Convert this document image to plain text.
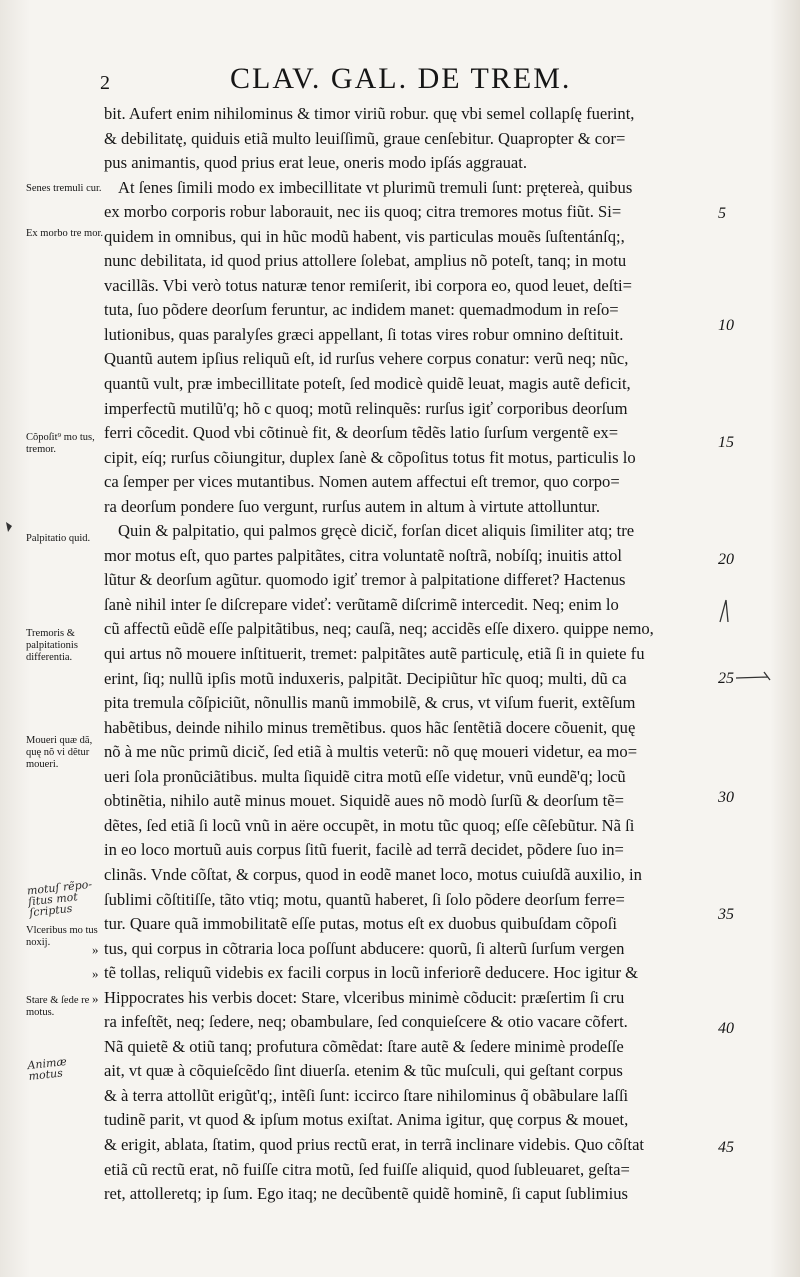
2	CLAV. GAL. DE TREM.
bit. Aufert enim nihilominus & timor viriũ robur. quę vbi semel collapſę fuerint,
& debilitatę, quiduis etiã multo leuiſſimũ, graue cenſebitur. Quapropter & cor=
pus animantis, quod prius erat leue, oneris modo ipſás aggrauat.
At ſenes ſimili modo ex imbecillitate vt plurimũ tremuli ſunt: prętereà, quibus
ex morbo corporis robur laborauit, nec iis quoq; citra tremores motus fiũt. Si=
quidem in omnibus, qui in hũc modũ habent, vis particulas mouẽs ſuſtentánſq;,
nunc debilitata, id quod prius attollere ſolebat, amplius nõ poteſt, tanq; in motu
vacillãs. Vbi verò totus naturæ tenor remiſerit, ibi corpora eo, quod leuet, deſti=
tuta, ſuo põdere deorſum feruntur, ac indidem manet: quemadmodum in reſo=
lutionibus, quas paralyſes græci appellant, ſi totas vires robur omnino deſtituit.
Quantũ autem ipſius reliquũ eſt, id rurſus vehere corpus conatur: verũ neq; nũc,
quantũ vult, præ imbecillitate poteſt, ſed modicè quidẽ leuat, magis autẽ deficit,
imperfectũ mutilũ'q; hõ c quoq; motũ relinquẽs: rurſus igiť corporibus deorſum
ferri cõcedit. Quod vbi cõtinuè fit, & deorſum tẽdẽs latio ſurſum vergentẽ ex=
cipit, eíq; rurſus cõiungitur, duplex ſanè & cõpoſitus totus fit motus, particulis lo
ca ſemper per vices mutantibus. Nomen autem affectui eſt tremor, quo corpo=
ra deorſum pondere ſuo vergunt, rurſus autem in altum à virtute attolluntur.
Quin & palpitatio, qui palmos gręcè dicič, forſan dicet aliquis ſimiliter atq; tre
mor motus eſt, quo partes palpitãtes, citra voluntatẽ noſtrã, nobíſq; inuitis attol
lũtur & deorſum agũtur. quomodo igiť tremor à palpitatione differet? Hactenus
ſanè nihil inter ſe diſcrepare videť: verũtamẽ diſcrimẽ intercedit. Neq; enim lo
cũ affectũ eũdẽ eſſe palpitãtibus, neq; cauſã, neq; accidẽs eſſe dixero. quippe nemo,
qui artus nõ mouere inſtituerit, tremet: palpitãtes autẽ particulę, etiã ſi in quiete fu
erint, ſiq; nullũ ipſis motũ induxeris, palpitãt. Decipiũtur hĩc quoq; multi, dũ ca
pita tremula cõſpiciũt, nõnullis manũ immobilẽ, & crus, vt viſum fuerit, extẽſum
habẽtibus, deinde nihilo minus tremẽtibus. quos hãc ſentẽtiã docere cõuenit, quę
nõ à me nũc primũ dicič, ſed etiã à multis veterũ: nõ quę moueri videtur, ea mo=
ueri ſola pronũciãtibus. multa ſiquidẽ citra motũ eſſe videtur, vnũ eundẽ'q; locũ
obtinẽtia, nihilo autẽ minus mouet. Siquidẽ aues nõ modò ſurſũ & deorſum tẽ=
dẽtes, ſed etiã ſi locũ vnũ in aëre occupẽt, in motu tũc quoq; eſſe cẽſebũtur. Nã ſi
in eo loco mortuũ auis corpus ſitũ fuerit, facilè ad terrã decidet, põdere ſuo in=
clinãs. Vnde cõſtat, & corpus, quod in eodẽ manet loco, motus cuiuſdã auxilio, in
ſublimi cõſtitiſſe, tãto vtiq; motu, quantũ haberet, ſi ſolo põdere deorſum ferre=
tur. Quare quã immobilitatẽ eſſe putas, motus eſt ex duobus quibuſdam cõpoſi
tus, qui corpus in cõtraria loca poſſunt abducere: quorũ, ſi alterũ ſurſum vergen
tẽ tollas, reliquũ videbis ex facili corpus in locũ inferiorẽ deducere. Hoc igitur &
Hippocrates his verbis docet: Stare, vlceribus minimè cõducit: præſertim ſi cru
ra infeſtẽt, neq; ſedere, neq; obambulare, ſed conquieſcere & otio vacare cõfert.
Nã quietẽ & otiũ tanq; profutura cõmẽdat: ſtare autẽ & ſedere minimè prodeſſe
ait, vt quæ à cõquieſcẽdo ſint diuerſa. etenim & tũc muſculi, qui geſtant corpus
& à terra attollũt erigũt'q;, intẽſi ſunt: iccirco ſtare nihilominus q̃ obãbulare laſſi
tudinẽ parit, vt quod & ipſum motus exiſtat. Anima igitur, quę corpus & mouet,
& erigit, ablata, ſtatim, quod prius rectũ erat, in terrã inclinare videbis. Quo cõſtat
etiã cũ rectũ erat, nõ fuiſſe citra motũ, ſed fuiſſe aliquid, quod ſubleuaret, geſta=
ret, attolleretq; ip ſum. Ego itaq; ne decũbentẽ quidẽ hominẽ, ſi caput ſublimius
Senes tremuli cur.
Ex morbo tre mor.
Cõpoſit⁹ mo tus, tremor.
Palpitatio quid.
Tremoris & palpitationis differentia.
Moueri quæ dã, quę nõ vi dẽtur moueri.
Vlceribus mo tus noxij.
Stare & ſede re motus.
motuſ rẽpo-
ſitus mot
ſcriptus
Animæ
motus
»
»
»
5
10
15
20
25
30
35
40
45
